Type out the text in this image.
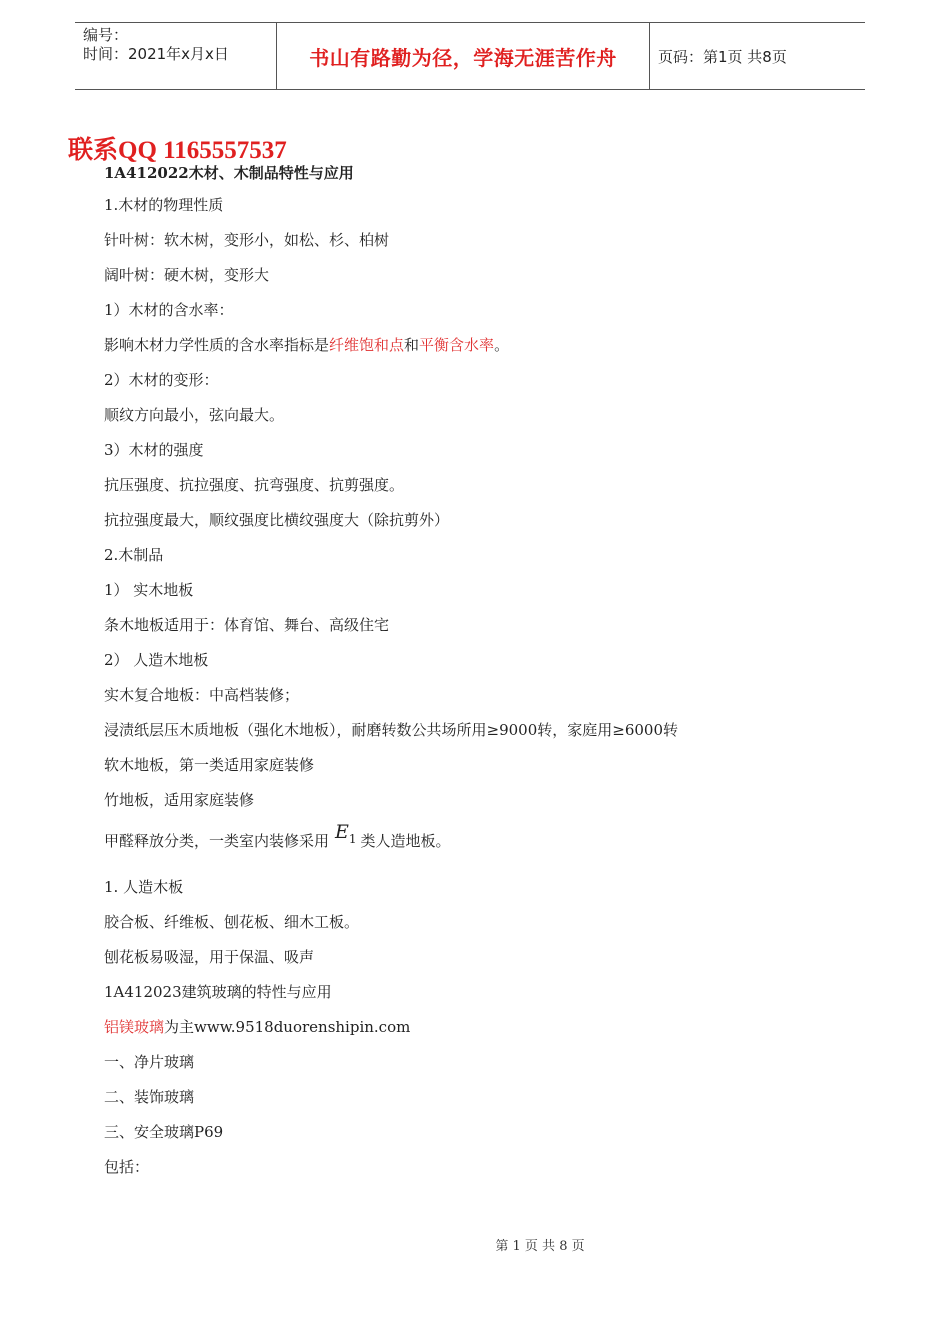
编号：
时间：2021年x月x日	书山有路勤为径，学海无涯苦作舟	页码：第1页 共8页
联系QQ 1165557537
1A412022木材、木制品特性与应用
1.木材的物理性质
针叶树：软木树，变形小，如松、杉、柏树
阔叶树：硬木树，变形大
1）木材的含水率：
影响木材力学性质的含水率指标是纤维饱和点和平衡含水率。
2）木材的变形：
顺纹方向最小，弦向最大。
3）木材的强度
抗压强度、抗拉强度、抗弯强度、抗剪强度。
抗拉强度最大，顺纹强度比横纹强度大（除抗剪外）
2.木制品
1） 实木地板
条木地板适用于：体育馆、舞台、高级住宅
2） 人造木地板
实木复合地板：中高档装修；
浸渍纸层压木质地板（强化木地板），耐磨转数公共场所用≥9000转，家庭用≥6000转
软木地板，第一类适用家庭装修
竹地板，适用家庭装修
甲醛释放分类，一类室内装修采用 $E_1$ 类人造地板。
1. 人造木板
胶合板、纤维板、刨花板、细木工板。
刨花板易吸湿，用于保温、吸声
1A412023建筑玻璃的特性与应用
铝镁玻璃为主www.9518duorenshipin.com
一、净片玻璃
二、装饰玻璃
三、安全玻璃P69
包括：
第 1 页 共 8 页
